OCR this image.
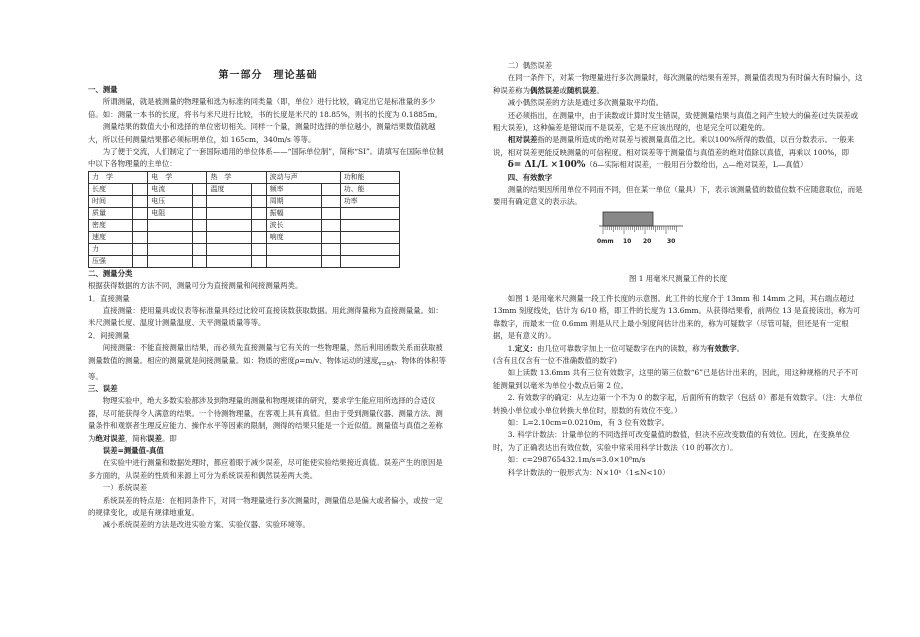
第一部分　理论基础

一、测量

所谓测量，就是被测量的物理量和选为标准的同类量（即，单位）进行比较，确定出它是标准量的多少倍。如：测量一本书的长度，将书与米尺进行比较，书的长度是米尺的 18.85%，则书的长度为 0.1885m。

测量结果的数值大小和选择的单位密切相关。同样一个量，测量时选择的单位越小，测量结果数值就越大，所以任何测量结果都必须标明单位，如 165cm，340m/s 等等。

为了便于交流，人们制定了一套国际通用的单位体系——“国际单位制”，简称“SI”。请填写在国际单位制中以下各物理量的主单位：

力　学		电　学		热　学		波动与声		功和能
长度		电流		温度		频率		功、能
时间		电压				周期		功率
质量		电阻				振幅		
密度						波长		
速度						响度		
力								
压强								

二、测量分类

根据获得数据的方法不同，测量可分为直接测量和间接测量两类。

1．直接测量

直接测量：使用量具或仪表等标准量具经过比较可直接读数获取数据。用此测得量称为直接测量量。如：米尺测量长度、温度计测量温度、天平测量质量等等。

2．间接测量

间接测量：不能直接测量出结果，而必须先直接测量与它有关的一些物理量，然后利用函数关系而获取被测量数值的测量。相应的测量就是间接测量量。如：物质的密度ρ=m/v、物体运动的速度$_{v=s/t}$、物体的体积等等。

三、误差

物理实验中，绝大多数实验都涉及到物理量的测量和物理规律的研究，要求学生能应用所选择的合适仪器，尽可能获得令人满意的结果。一个待测物理量，在客观上具有真值。但由于受到测量仪器、测量方法、测量条件和观察者生理反应能力、操作水平等因素的限制，测得的结果只能是一个近似值。测量值与真值之差称为绝对误差，简称误差。即

误差=测量值-真值

在实验中进行测量和数据处理时，都应着眼于减少误差，尽可能使实验结果接近真值。误差产生的原因是多方面的，从误差的性质和来源上可分为系统误差和偶然误差两大类。

一）系统误差

系统误差的特点是：在相同条件下，对同一物理量进行多次测量时，测量值总是偏大或者偏小，或按一定的规律变化，或是有规律地重复。

减小系统误差的方法是改进实验方案、实验仪器、实验环境等。

二）偶然误差

在同一条件下，对某一物理量进行多次测量时，每次测量的结果有差异，测量值表现为有时偏大有时偏小，这种误差称为偶然误差或随机误差。

减小偶然误差的方法是通过多次测量取平均值。

还必须指出，在测量中，由于读数或计算时发生错误，致使测量结果与真值之间产生较大的偏差(过失误差或粗大误差)，这种偏差是错误而不是误差，它是不应该出现的，也是完全可以避免的。

相对误差指的是测量所造成的绝对误差与被测量真值之比。乘以100%所得的数值，以百分数表示。一般来说，相对误差更能反映测量的可信程度。相对误差等于测量值与真值差的绝对值除以真值，再乘以 100%，即

δ= ΔL/L ×100%（δ—实际相对误差，一般用百分数给出，△—绝对误差，L—真值）

四、有效数字

测量的结果因所用单位不同而不同，但在某一单位（量具）下，表示该测量值的数值位数不应随意取位，而是要用有确定意义的表示法。

0mm 10 20	30

图 1 用毫米尺测量工件的长度

如图 1 是用毫米尺测量一段工件长度的示意图。此工件的长度介于 13mm 和 14mm 之间，其右端点超过 13mm 刻度线处，估计为 6/10 格，即工件的长度为 13.6mm。从获得结果看，前两位 13 是直接读出，称为可靠数字，而最末一位 0.6mm 则是从尺上最小刻度间估计出来的，称为可疑数字（尽管可疑，但还是有一定根据，是有意义的）。

1.定义：由几位可靠数字加上一位可疑数字在内的读数，称为有效数字。

(含有且仅含有一位不准确数值的数字)

如上读数 13.6mm 共有三位有效数字，这里的第三位数“6”已是估计出来的，因此，用这种规格的尺子不可能测量到以毫米为单位小数点后第 2 位。

2. 有效数字的确定：从左边第一个不为 0 的数字起，后面所有的数字（包括 0）都是有效数字。（注：大单位转换小单位或小单位转换大单位时，原数的有效位不变。）

如：L=2.10cm=0.0210m，有 3 位有效数字。

3. 科学计数法：计量单位的不同选择可改变量值的数值，但决不应改变数值的有效位。因此，在变换单位时，为了正确表达出有效位数，实验中常采用科学计数法（10 的幂次方）。

如：c=298765432.1m/s=3.0×10⁸m/s

科学计数法的一般形式为：N×10ⁿ（1≤N<10）
